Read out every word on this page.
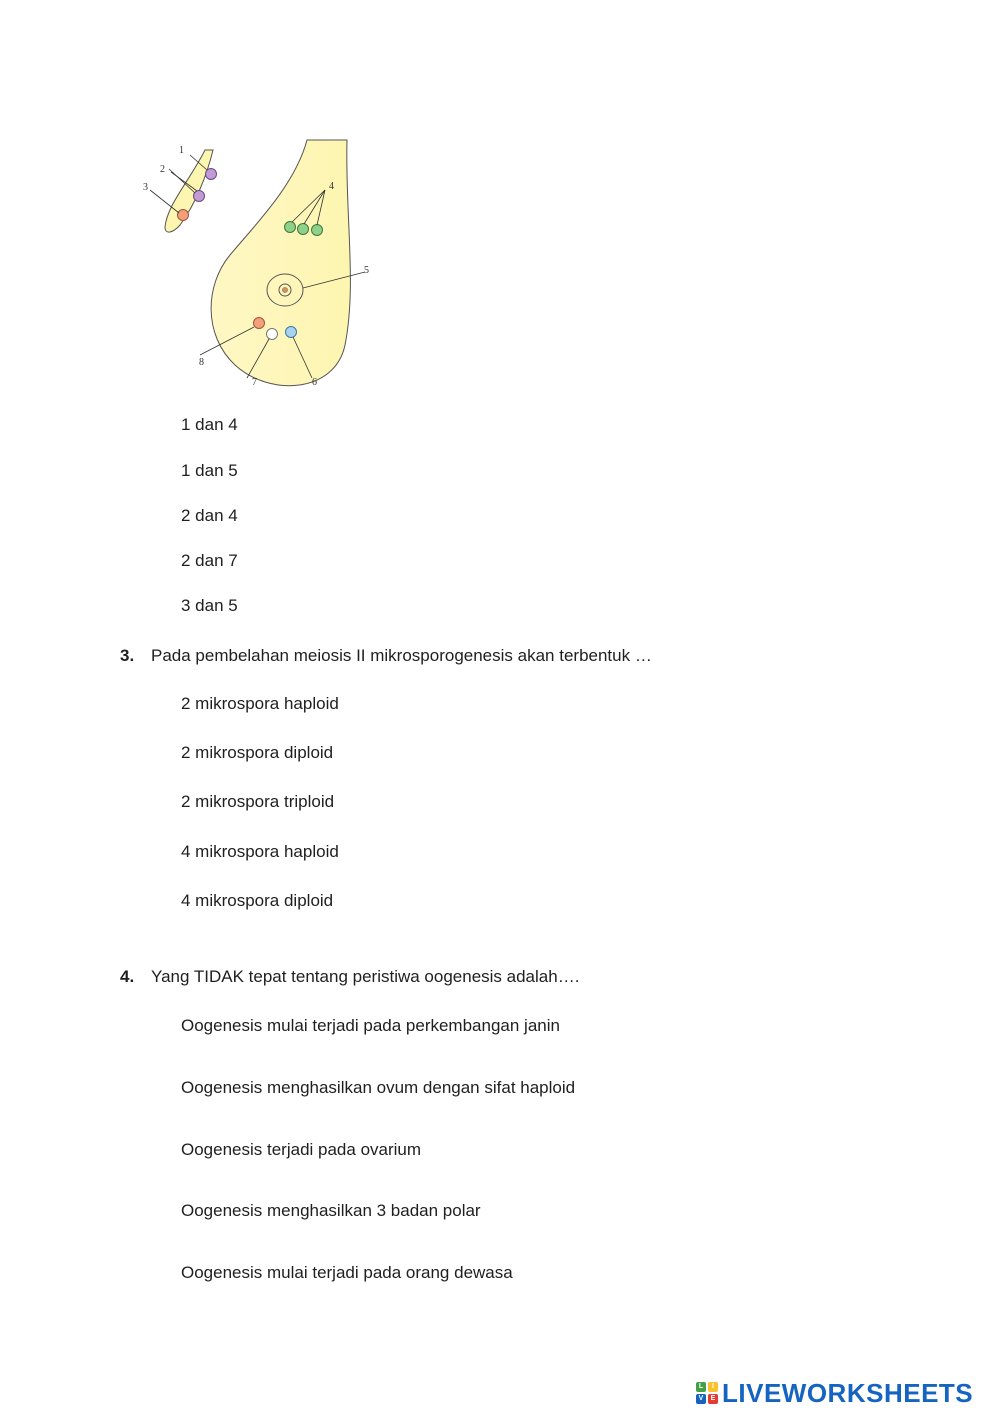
1
2
3	4
5
6
7
8
1 dan 4
1 dan 5
2 dan 4
2 dan 7
3 dan 5
3. Pada pembelahan meiosis II mikrosporogenesis akan terbentuk …
2 mikrospora haploid
2 mikrospora diploid
2 mikrospora triploid
4 mikrospora haploid
4 mikrospora diploid
4. Yang TIDAK tepat tentang peristiwa oogenesis adalah….
Oogenesis mulai terjadi pada perkembangan janin
Oogenesis menghasilkan ovum dengan sifat haploid
Oogenesis terjadi pada ovarium
Oogenesis menghasilkan 3 badan polar
Oogenesis mulai terjadi pada orang dewasa
L	I
V	E LIVEWORKSHEETS
